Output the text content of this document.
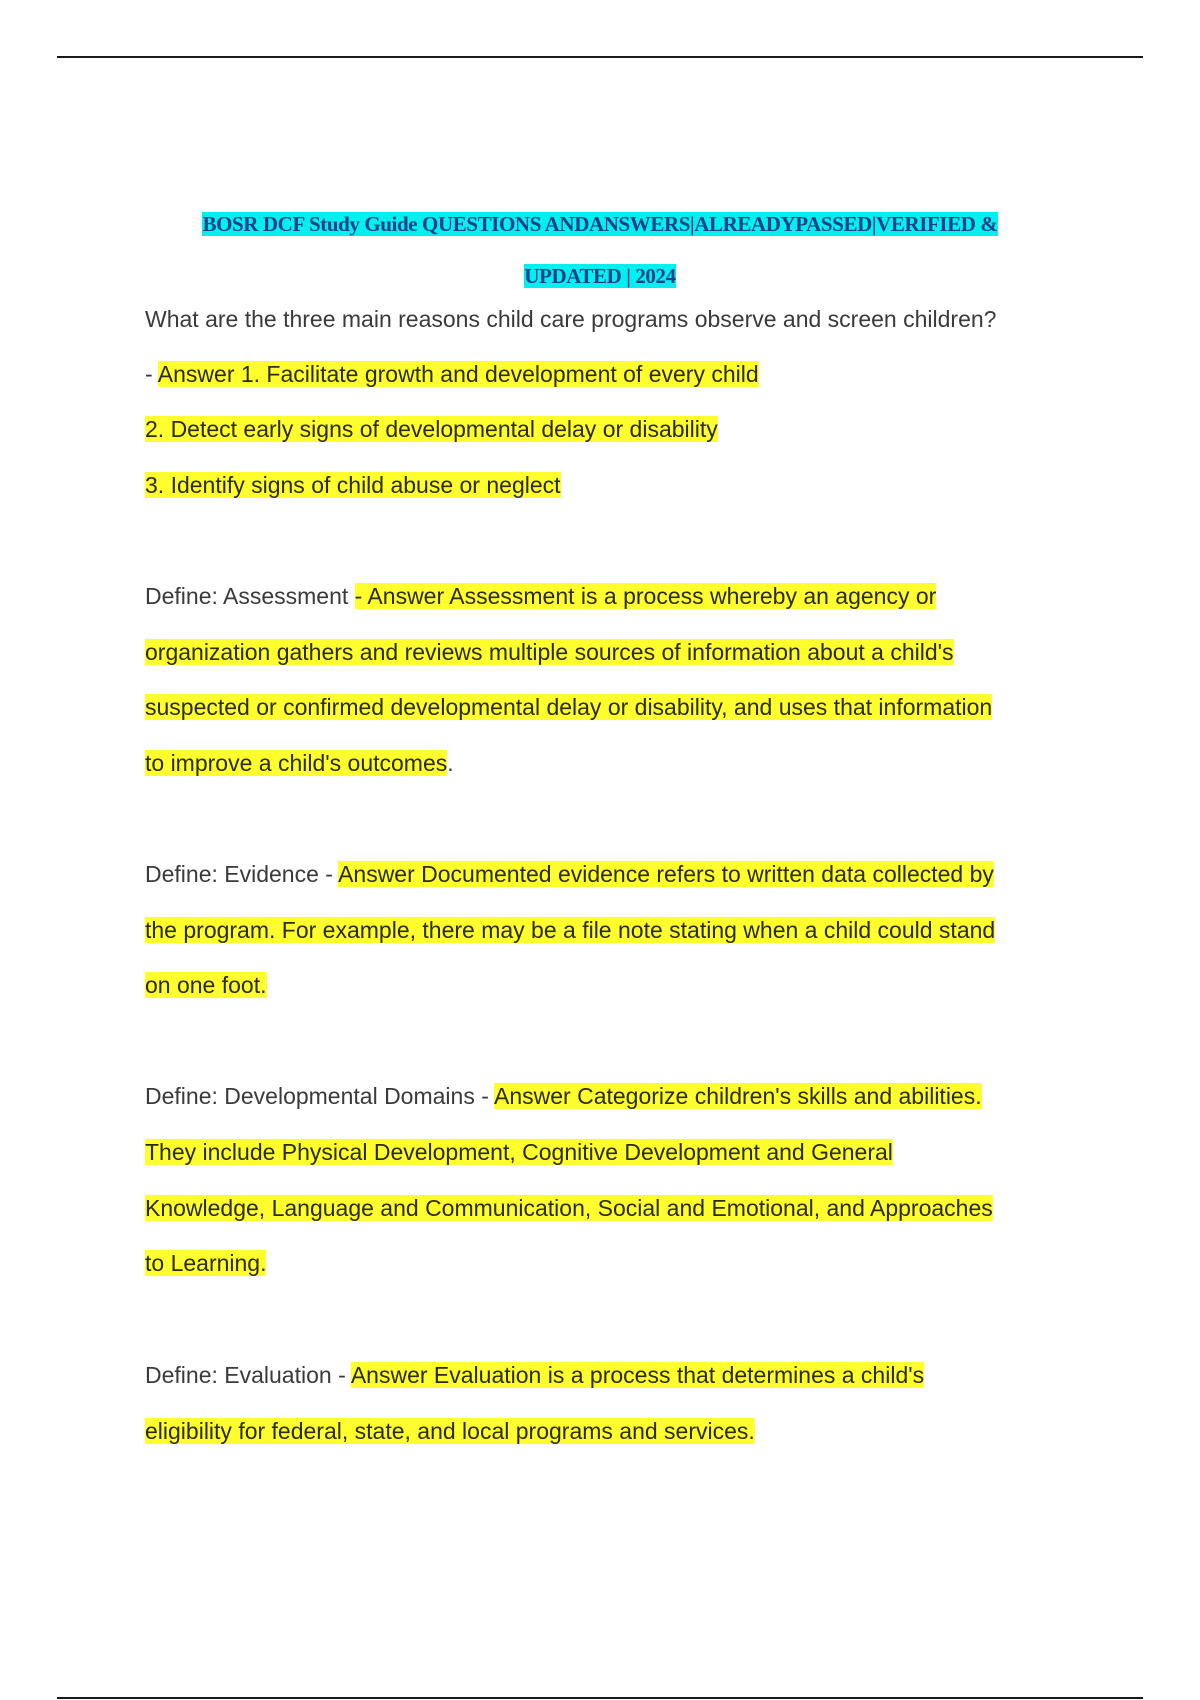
BOSR DCF Study Guide QUESTIONS ANDANSWERS|ALREADYPASSED|VERIFIED &
UPDATED | 2024
What are the three main reasons child care programs observe and screen children?
- Answer 1. Facilitate growth and development of every child
2. Detect early signs of developmental delay or disability
3. Identify signs of child abuse or neglect
Define: Assessment - Answer Assessment is a process whereby an agency or
organization gathers and reviews multiple sources of information about a child's
suspected or confirmed developmental delay or disability, and uses that information
to improve a child's outcomes.
Define: Evidence - Answer Documented evidence refers to written data collected by
the program. For example, there may be a file note stating when a child could stand
on one foot.
Define: Developmental Domains - Answer Categorize children's skills and abilities.
They include Physical Development, Cognitive Development and General
Knowledge, Language and Communication, Social and Emotional, and Approaches
to Learning.
Define: Evaluation - Answer Evaluation is a process that determines a child's
eligibility for federal, state, and local programs and services.
